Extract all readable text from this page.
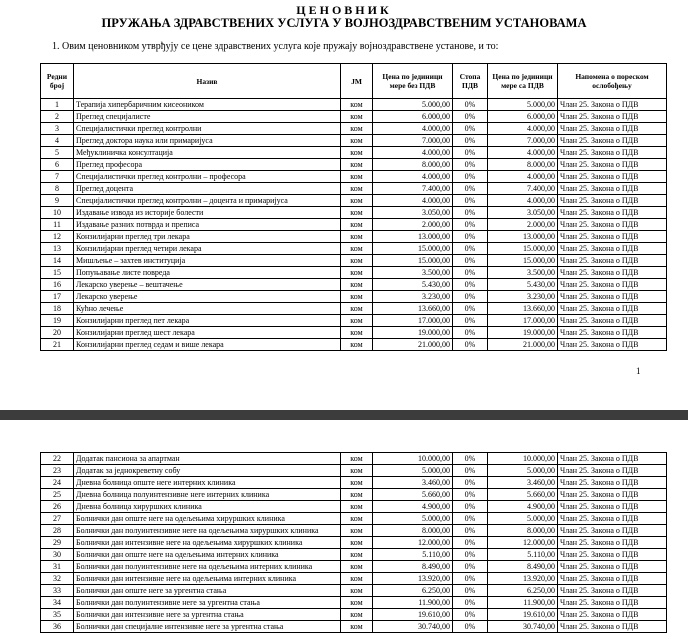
ЦЕНОВНИК
ПРУЖАЊА ЗДРАВСТВЕНИХ УСЛУГА У ВОЈНОЗДРАВСТВЕНИМ УСТАНОВАМА
1. Овим ценовником утврђују се цене здравствених услуга које пружају војноздравствене установе, и то:
Редни број	Назив	ЈМ	Цена по јединици мере без ПДВ	Стопа ПДВ	Цена по јединици мере са ПДВ	Напомена о пореском ослобођењу
1	Терапија хипербаричним кисеоником	ком	5.000,00	0%	5.000,00	Члан 25. Закона о ПДВ
2	Преглед специјалисте	ком	6.000,00	0%	6.000,00	Члан 25. Закона о ПДВ
3	Специјалистички преглед контролни	ком	4.000,00	0%	4.000,00	Члан 25. Закона о ПДВ
4	Преглед доктора наука или примаријуса	ком	7.000,00	0%	7.000,00	Члан 25. Закона о ПДВ
5	Међуклиничка консултација	ком	4.000,00	0%	4.000,00	Члан 25. Закона о ПДВ
6	Преглед професора	ком	8.000,00	0%	8.000,00	Члан 25. Закона о ПДВ
7	Специјалистички преглед контролни – професора	ком	4.000,00	0%	4.000,00	Члан 25. Закона о ПДВ
8	Преглед доцента	ком	7.400,00	0%	7.400,00	Члан 25. Закона о ПДВ
9	Специјалистички преглед контролни – доцента и примаријуса	ком	4.000,00	0%	4.000,00	Члан 25. Закона о ПДВ
10	Издавање извода из историје болести	ком	3.050,00	0%	3.050,00	Члан 25. Закона о ПДВ
11	Издавање разних потврда и преписа	ком	2.000,00	0%	2.000,00	Члан 25. Закона о ПДВ
12	Конзилијарни преглед три лекара	ком	13.000,00	0%	13.000,00	Члан 25. Закона о ПДВ
13	Конзилијарни преглед четири лекара	ком	15.000,00	0%	15.000,00	Члан 25. Закона о ПДВ
14	Мишљење – захтев институција	ком	15.000,00	0%	15.000,00	Члан 25. Закона о ПДВ
15	Попуњавање листе повреда	ком	3.500,00	0%	3.500,00	Члан 25. Закона о ПДВ
16	Лекарско уверење – вештачење	ком	5.430,00	0%	5.430,00	Члан 25. Закона о ПДВ
17	Лекарско уверење	ком	3.230,00	0%	3.230,00	Члан 25. Закона о ПДВ
18	Кућно лечење	ком	13.660,00	0%	13.660,00	Члан 25. Закона о ПДВ
19	Конзилијарни преглед пет лекара	ком	17.000,00	0%	17.000,00	Члан 25. Закона о ПДВ
20	Конзилијарни преглед шест лекара	ком	19.000,00	0%	19.000,00	Члан 25. Закона о ПДВ
21	Конзилијарни преглед седам и више лекара	ком	21.000,00	0%	21.000,00	Члан 25. Закона о ПДВ
1
22	Додатак пансиона за апартман	ком	10.000,00	0%	10.000,00	Члан 25. Закона о ПДВ
23	Додатак за једнокреветну собу	ком	5.000,00	0%	5.000,00	Члан 25. Закона о ПДВ
24	Дневна болница опште неге интерних клиника	ком	3.460,00	0%	3.460,00	Члан 25. Закона о ПДВ
25	Дневна болница полуинтензивне неге интерних клиника	ком	5.660,00	0%	5.660,00	Члан 25. Закона о ПДВ
26	Дневна болница хируршких клиника	ком	4.900,00	0%	4.900,00	Члан 25. Закона о ПДВ
27	Болнички дан опште неге на одељењима хируршких клиника	ком	5.000,00	0%	5.000,00	Члан 25. Закона о ПДВ
28	Болнички дан полуинтензивне неге на одељењима хируршких клиника	ком	8.000,00	0%	8.000,00	Члан 25. Закона о ПДВ
29	Болнички дан интензивне неге на одељењима хируршких клиника	ком	12.000,00	0%	12.000,00	Члан 25. Закона о ПДВ
30	Болнички дан опште неге на одељењима интерних клиника	ком	5.110,00	0%	5.110,00	Члан 25. Закона о ПДВ
31	Болнички дан полуинтензивне неге на одељењима интерних клиника	ком	8.490,00	0%	8.490,00	Члан 25. Закона о ПДВ
32	Болнички дан интензивне неге на одељењима интерних клиника	ком	13.920,00	0%	13.920,00	Члан 25. Закона о ПДВ
33	Болнички дан опште неге за ургентна стања	ком	6.250,00	0%	6.250,00	Члан 25. Закона о ПДВ
34	Болнички дан полуинтензивне неге за ургентна стања	ком	11.900,00	0%	11.900,00	Члан 25. Закона о ПДВ
35	Болнички дан интензивне неге за ургентна стања	ком	19.610,00	0%	19.610,00	Члан 25. Закона о ПДВ
36	Болнички дан специјалне интензивне неге за ургентна стања	ком	30.740,00	0%	30.740,00	Члан 25. Закона о ПДВ
